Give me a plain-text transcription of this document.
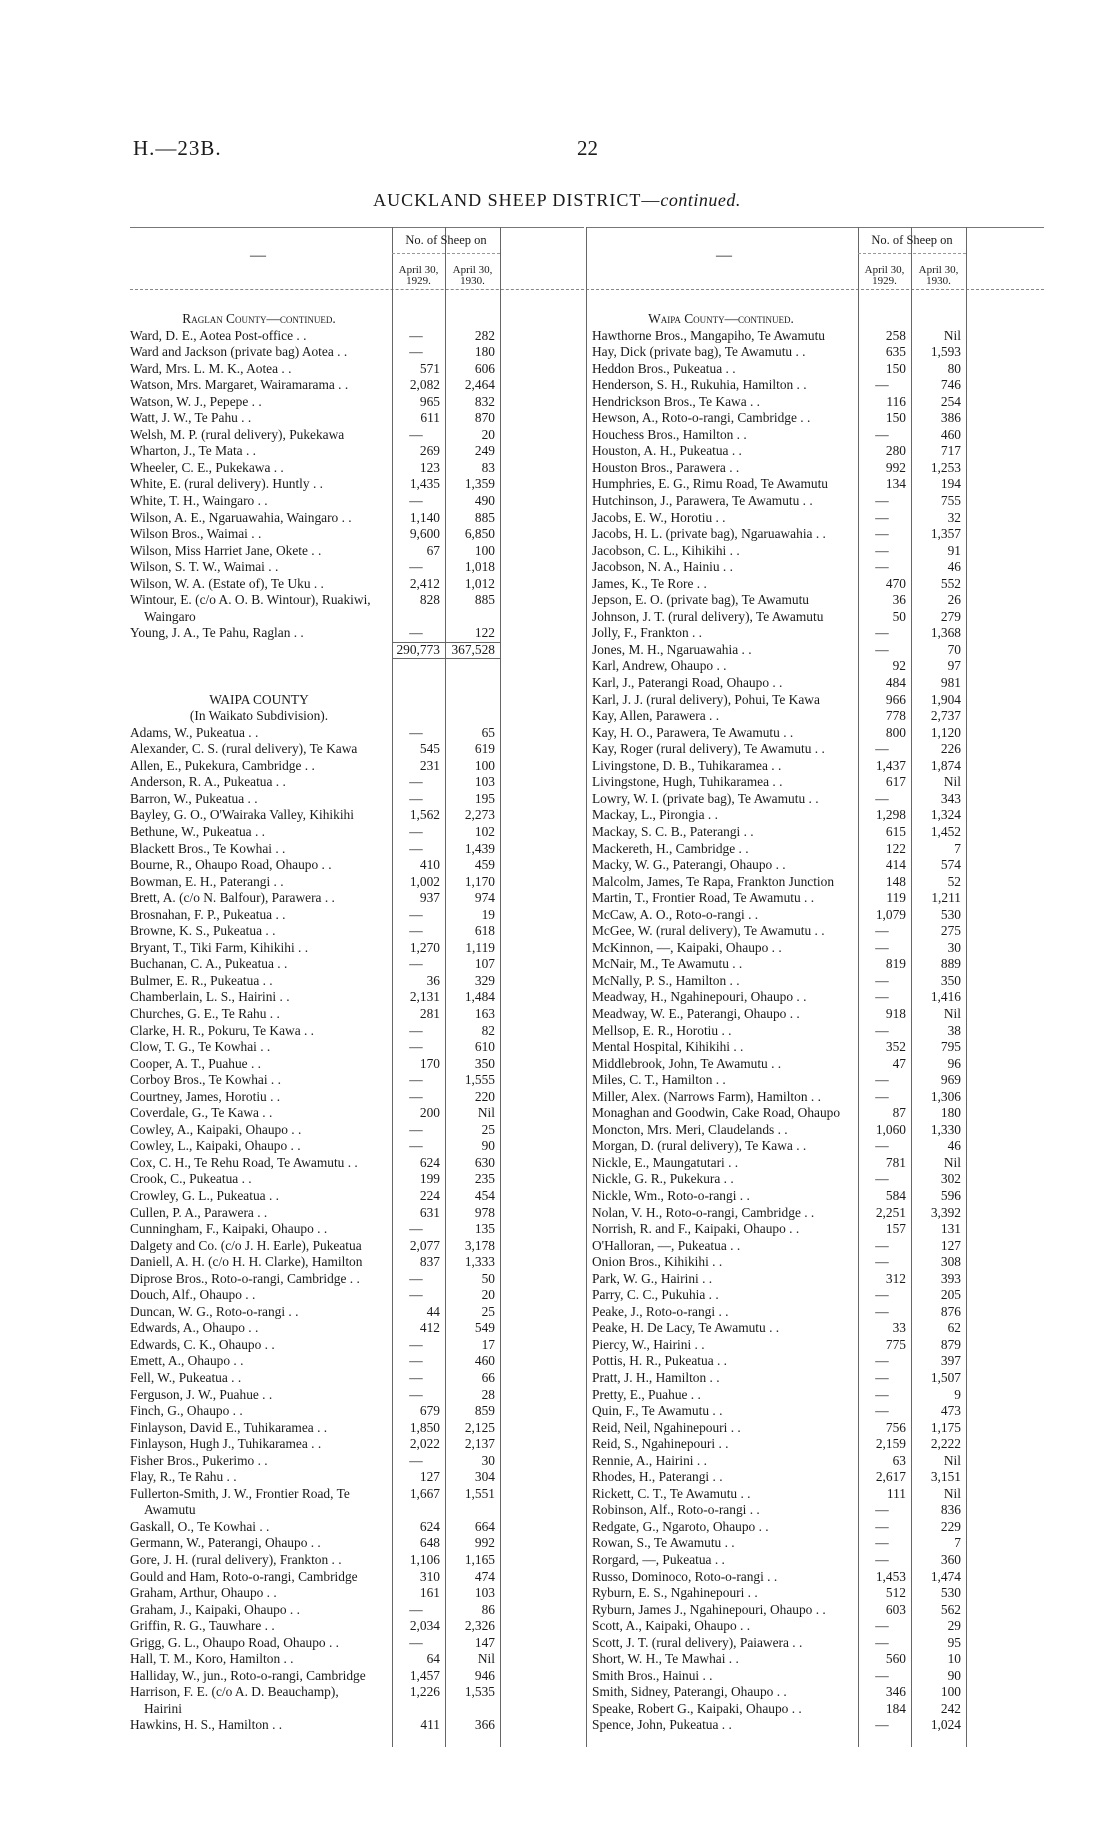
H.—23B.	22
AUCKLAND SHEEP DISTRICT—continued.
—
No. of Sheep on
April 30,
1929.
April 30,
1930.
Raglan County—continued.
Ward, D. E., Aotea Post-office . .	—	282
Ward and Jackson (private bag) Aotea . .	—	180
Ward, Mrs. L. M. K., Aotea . .	571	606
Watson, Mrs. Margaret, Wairamarama . .	2,082	2,464
Watson, W. J., Pepepe . .	965	832
Watt, J. W., Te Pahu . .	611	870
Welsh, M. P. (rural delivery), Pukekawa	—	20
Wharton, J., Te Mata . .	269	249
Wheeler, C. E., Pukekawa . .	123	83
White, E. (rural delivery). Huntly . .	1,435	1,359
White, T. H., Waingaro . .	—	490
Wilson, A. E., Ngaruawahia, Waingaro . .	1,140	885
Wilson Bros., Waimai . .	9,600	6,850
Wilson, Miss Harriet Jane, Okete . .	67	100
Wilson, S. T. W., Waimai . .	—	1,018
Wilson, W. A. (Estate of), Te Uku . .	2,412	1,012
Wintour, E. (c/o A. O. B. Wintour), Ruakiwi,	828	885
Waingaro
Young, J. A., Te Pahu, Raglan . .	—	122
290,773 367,528
WAIPA COUNTY
(In Waikato Subdivision).
Adams, W., Pukeatua . .	—	65
Alexander, C. S. (rural delivery), Te Kawa	545	619
Allen, E., Pukekura, Cambridge . .	231	100
Anderson, R. A., Pukeatua . .	—	103
Barron, W., Pukeatua . .	—	195
Bayley, G. O., O'Wairaka Valley, Kihikihi	1,562	2,273
Bethune, W., Pukeatua . .	—	102
Blackett Bros., Te Kowhai . .	—	1,439
Bourne, R., Ohaupo Road, Ohaupo . .	410	459
Bowman, E. H., Paterangi . .	1,002	1,170
Brett, A. (c/o N. Balfour), Parawera . .	937	974
Brosnahan, F. P., Pukeatua . .	—	19
Browne, K. S., Pukeatua . .	—	618
Bryant, T., Tiki Farm, Kihikihi . .	1,270	1,119
Buchanan, C. A., Pukeatua . .	—	107
Bulmer, E. R., Pukeatua . .	36	329
Chamberlain, L. S., Hairini . .	2,131	1,484
Churches, G. E., Te Rahu . .	281	163
Clarke, H. R., Pokuru, Te Kawa . .	—	82
Clow, T. G., Te Kowhai . .	—	610
Cooper, A. T., Puahue . .	170	350
Corboy Bros., Te Kowhai . .	—	1,555
Courtney, James, Horotiu . .	—	220
Coverdale, G., Te Kawa . .	200	Nil
Cowley, A., Kaipaki, Ohaupo . .	—	25
Cowley, L., Kaipaki, Ohaupo . .	—	90
Cox, C. H., Te Rehu Road, Te Awamutu . .	624	630
Crook, C., Pukeatua . .	199	235
Crowley, G. L., Pukeatua . .	224	454
Cullen, P. A., Parawera . .	631	978
Cunningham, F., Kaipaki, Ohaupo . .	—	135
Dalgety and Co. (c/o J. H. Earle), Pukeatua	2,077	3,178
Daniell, A. H. (c/o H. H. Clarke), Hamilton	837	1,333
Diprose Bros., Roto-o-rangi, Cambridge . .	—	50
Douch, Alf., Ohaupo . .	—	20
Duncan, W. G., Roto-o-rangi . .	44	25
Edwards, A., Ohaupo . .	412	549
Edwards, C. K., Ohaupo . .	—	17
Emett, A., Ohaupo . .	—	460
Fell, W., Pukeatua . .	—	66
Ferguson, J. W., Puahue . .	—	28
Finch, G., Ohaupo . .	679	859
Finlayson, David E., Tuhikaramea . .	1,850	2,125
Finlayson, Hugh J., Tuhikaramea . .	2,022	2,137
Fisher Bros., Pukerimo . .	—	30
Flay, R., Te Rahu . .	127	304
Fullerton-Smith, J. W., Frontier Road, Te	1,667	1,551
Awamutu
Gaskall, O., Te Kowhai . .	624	664
Germann, W., Paterangi, Ohaupo . .	648	992
Gore, J. H. (rural delivery), Frankton . .	1,106	1,165
Gould and Ham, Roto-o-rangi, Cambridge	310	474
Graham, Arthur, Ohaupo . .	161	103
Graham, J., Kaipaki, Ohaupo . .	—	86
Griffin, R. G., Tauwhare . .	2,034	2,326
Grigg, G. L., Ohaupo Road, Ohaupo . .	—	147
Hall, T. M., Koro, Hamilton . .	64	Nil
Halliday, W., jun., Roto-o-rangi, Cambridge	1,457	946
Harrison, F. E. (c/o A. D. Beauchamp),	1,226	1,535
Hairini
Hawkins, H. S., Hamilton . .	411	366
—
No. of Sheep on
April 30,
1929.
April 30,
1930.
Waipa County—continued.
Hawthorne Bros., Mangapiho, Te Awamutu	258	Nil
Hay, Dick (private bag), Te Awamutu . .	635	1,593
Heddon Bros., Pukeatua . .	150	80
Henderson, S. H., Rukuhia, Hamilton . .	—	746
Hendrickson Bros., Te Kawa . .	116	254
Hewson, A., Roto-o-rangi, Cambridge . .	150	386
Houchess Bros., Hamilton . .	—	460
Houston, A. H., Pukeatua . .	280	717
Houston Bros., Parawera . .	992	1,253
Humphries, E. G., Rimu Road, Te Awamutu	134	194
Hutchinson, J., Parawera, Te Awamutu . .	—	755
Jacobs, E. W., Horotiu . .	—	32
Jacobs, H. L. (private bag), Ngaruawahia . .	—	1,357
Jacobson, C. L., Kihikihi . .	—	91
Jacobson, N. A., Hainiu . .	—	46
James, K., Te Rore . .	470	552
Jepson, E. O. (private bag), Te Awamutu	36	26
Johnson, J. T. (rural delivery), Te Awamutu	50	279
Jolly, F., Frankton . .	—	1,368
Jones, M. H., Ngaruawahia . .	—	70
Karl, Andrew, Ohaupo . .	92	97
Karl, J., Paterangi Road, Ohaupo . .	484	981
Karl, J. J. (rural delivery), Pohui, Te Kawa	966	1,904
Kay, Allen, Parawera . .	778	2,737
Kay, H. O., Parawera, Te Awamutu . .	800	1,120
Kay, Roger (rural delivery), Te Awamutu . .	—	226
Livingstone, D. B., Tuhikaramea . .	1,437	1,874
Livingstone, Hugh, Tuhikaramea . .	617	Nil
Lowry, W. I. (private bag), Te Awamutu . .	—	343
Mackay, L., Pirongia . .	1,298	1,324
Mackay, S. C. B., Paterangi . .	615	1,452
Mackereth, H., Cambridge . .	122	7
Macky, W. G., Paterangi, Ohaupo . .	414	574
Malcolm, James, Te Rapa, Frankton Junction	148	52
Martin, T., Frontier Road, Te Awamutu . .	119	1,211
McCaw, A. O., Roto-o-rangi . .	1,079	530
McGee, W. (rural delivery), Te Awamutu . .	—	275
McKinnon, —, Kaipaki, Ohaupo . .	—	30
McNair, M., Te Awamutu . .	819	889
McNally, P. S., Hamilton . .	—	350
Meadway, H., Ngahinepouri, Ohaupo . .	—	1,416
Meadway, W. E., Paterangi, Ohaupo . .	918	Nil
Mellsop, E. R., Horotiu . .	—	38
Mental Hospital, Kihikihi . .	352	795
Middlebrook, John, Te Awamutu . .	47	96
Miles, C. T., Hamilton . .	—	969
Miller, Alex. (Narrows Farm), Hamilton . .	—	1,306
Monaghan and Goodwin, Cake Road, Ohaupo	87	180
Moncton, Mrs. Meri, Claudelands . .	1,060	1,330
Morgan, D. (rural delivery), Te Kawa . .	—	46
Nickle, E., Maungatutari . .	781	Nil
Nickle, G. R., Pukekura . .	—	302
Nickle, Wm., Roto-o-rangi . .	584	596
Nolan, V. H., Roto-o-rangi, Cambridge . .	2,251	3,392
Norrish, R. and F., Kaipaki, Ohaupo . .	157	131
O'Halloran, —, Pukeatua . .	—	127
Onion Bros., Kihikihi . .	—	308
Park, W. G., Hairini . .	312	393
Parry, C. C., Pukuhia . .	—	205
Peake, J., Roto-o-rangi . .	—	876
Peake, H. De Lacy, Te Awamutu . .	33	62
Piercy, W., Hairini . .	775	879
Pottis, H. R., Pukeatua . .	—	397
Pratt, J. H., Hamilton . .	—	1,507
Pretty, E., Puahue . .	—	9
Quin, F., Te Awamutu . .	—	473
Reid, Neil, Ngahinepouri . .	756	1,175
Reid, S., Ngahinepouri . .	2,159	2,222
Rennie, A., Hairini . .	63	Nil
Rhodes, H., Paterangi . .	2,617	3,151
Rickett, C. T., Te Awamutu . .	111	Nil
Robinson, Alf., Roto-o-rangi . .	—	836
Redgate, G., Ngaroto, Ohaupo . .	—	229
Rowan, S., Te Awamutu . .	—	7
Rorgard, —, Pukeatua . .	—	360
Russo, Dominoco, Roto-o-rangi . .	1,453	1,474
Ryburn, E. S., Ngahinepouri . .	512	530
Ryburn, James J., Ngahinepouri, Ohaupo . .	603	562
Scott, A., Kaipaki, Ohaupo . .	—	29
Scott, J. T. (rural delivery), Paiawera . .	—	95
Short, W. H., Te Mawhai . .	560	10
Smith Bros., Hainui . .	—	90
Smith, Sidney, Paterangi, Ohaupo . .	346	100
Speake, Robert G., Kaipaki, Ohaupo . .	184	242
Spence, John, Pukeatua . .	—	1,024
